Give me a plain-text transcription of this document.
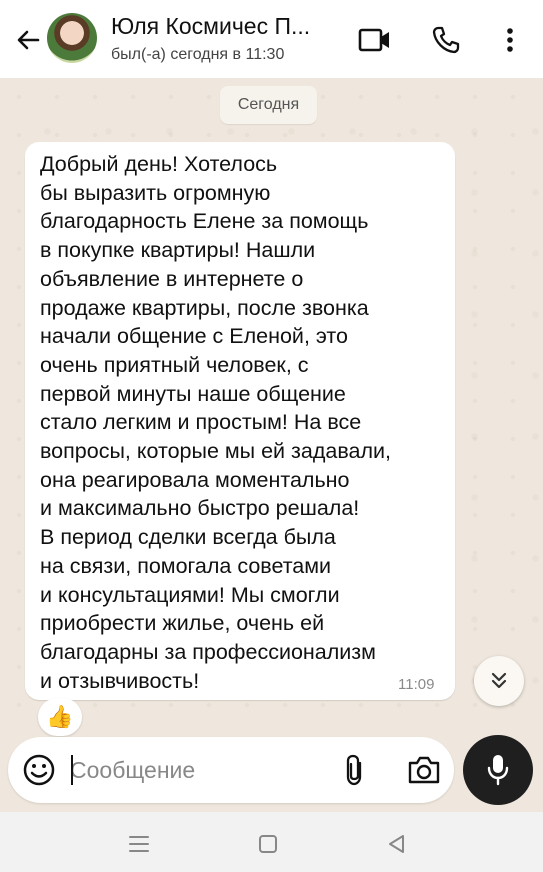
Юля Космичес П...
был(-а) сегодня в 11:30
Сегодня
Добрый день! Хотелось
бы выразить огромную
благодарность Елене за помощь
в покупке квартиры! Нашли
объявление в интернете о
продаже квартиры, после звонка
начали общение с Еленой, это
очень приятный человек, с
первой минуты наше общение
стало легким и простым! На все
вопросы, которые мы ей задавали,
она реагировала моментально
и максимально быстро решала!
В период сделки всегда была
на связи, помогала советами
и консультациями! Мы смогли
приобрести жилье, очень ей
благодарны за профессионализм
и отзывчивость!	11:09
👍
Сообщение
